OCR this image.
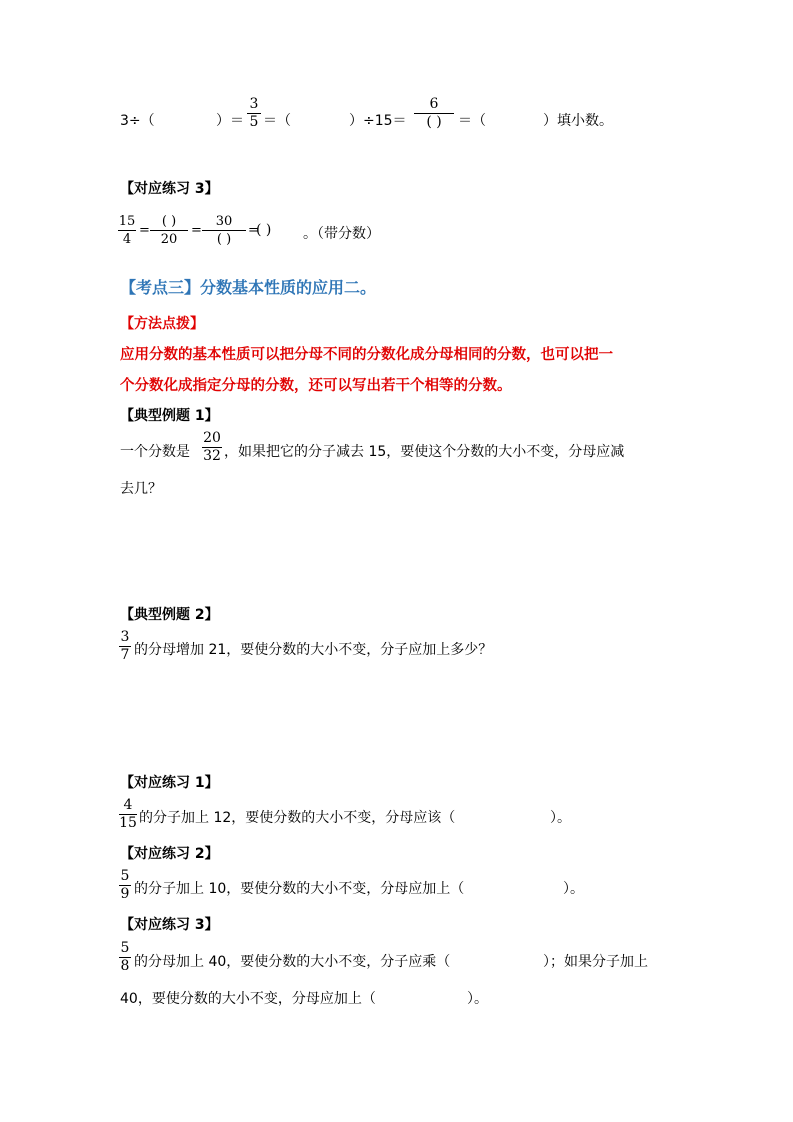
3÷（	）＝
3
5 ＝（	）÷15＝
6
( )	＝（	）填小数。
【对应练习 3】
15
4
=
( )
20
=
30
( )
=
( ) 。（带分数）
【考点三】分数基本性质的应用二。
【方法点拨】
应用分数的基本性质可以把分母不同的分数化成分母相同的分数，也可以把一
个分数化成指定分母的分数，还可以写出若干个相等的分数。
【典型例题 1】
一个分数是
20
32 ，如果把它的分子减去 15，要使这个分数的大小不变，分母应减
去几？
【典型例题 2】
3
7 的分母增加 21，要使分数的大小不变，分子应加上多少？
【对应练习 1】
4
15 的分子加上 12，要使分数的大小不变，分母应该（	）。
【对应练习 2】
5
9 的分子加上 10，要使分数的大小不变，分母应加上（	）。
【对应练习 3】
5
8 的分母加上 40，要使分数的大小不变，分子应乘（	）；如果分子加上
40，要使分数的大小不变，分母应加上（	）。
